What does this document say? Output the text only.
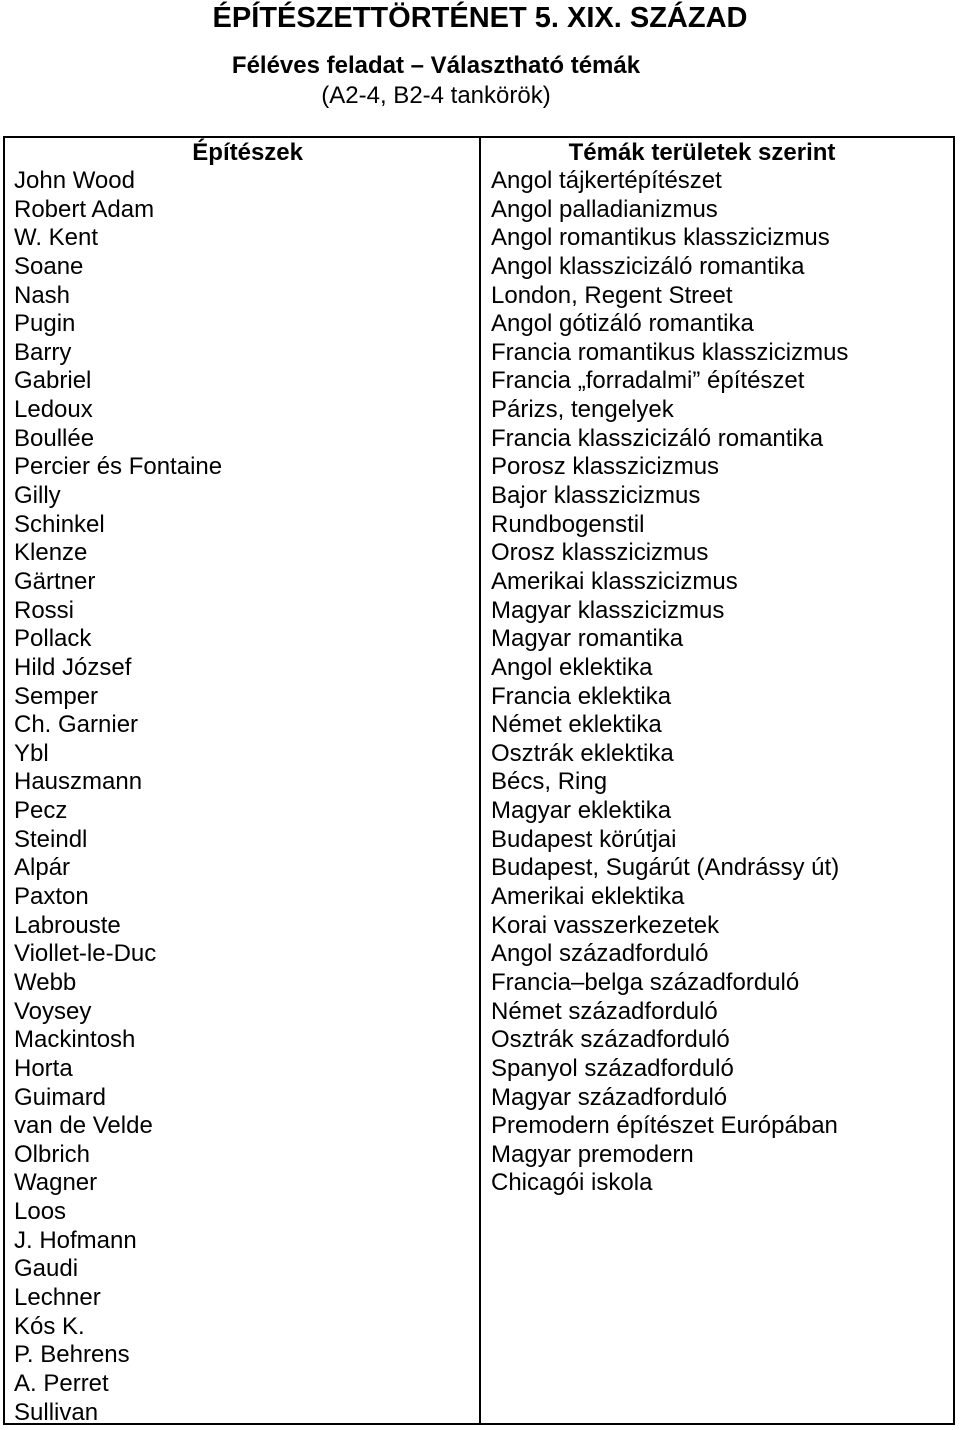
ÉPÍTÉSZETTÖRTÉNET 5. XIX. SZÁZAD
Féléves feladat – Választható témák
(A2-4, B2-4 tankörök)
Építészek
John Wood
Robert Adam
W. Kent
Soane
Nash
Pugin
Barry
Gabriel
Ledoux
Boullée
Percier és Fontaine
Gilly
Schinkel
Klenze
Gärtner
Rossi
Pollack
Hild József
Semper
Ch. Garnier
Ybl
Hauszmann
Pecz
Steindl
Alpár
Paxton
Labrouste
Viollet-le-Duc
Webb
Voysey
Mackintosh
Horta
Guimard
van de Velde
Olbrich
Wagner
Loos
J. Hofmann
Gaudi
Lechner
Kós K.
P. Behrens
A. Perret
Sullivan
Témák területek szerint
Angol tájkertépítészet
Angol palladianizmus
Angol romantikus klasszicizmus
Angol klasszicizáló romantika
London, Regent Street
Angol gótizáló romantika
Francia romantikus klasszicizmus
Francia „forradalmi” építészet
Párizs, tengelyek
Francia klasszicizáló romantika
Porosz klasszicizmus
Bajor klasszicizmus
Rundbogenstil
Orosz klasszicizmus
Amerikai klasszicizmus
Magyar klasszicizmus
Magyar romantika
Angol eklektika
Francia eklektika
Német eklektika
Osztrák eklektika
Bécs, Ring
Magyar eklektika
Budapest körútjai
Budapest, Sugárút (Andrássy út)
Amerikai eklektika
Korai vasszerkezetek
Angol századforduló
Francia–belga századforduló
Német századforduló
Osztrák századforduló
Spanyol századforduló
Magyar századforduló
Premodern építészet Európában
Magyar premodern
Chicagói iskola
